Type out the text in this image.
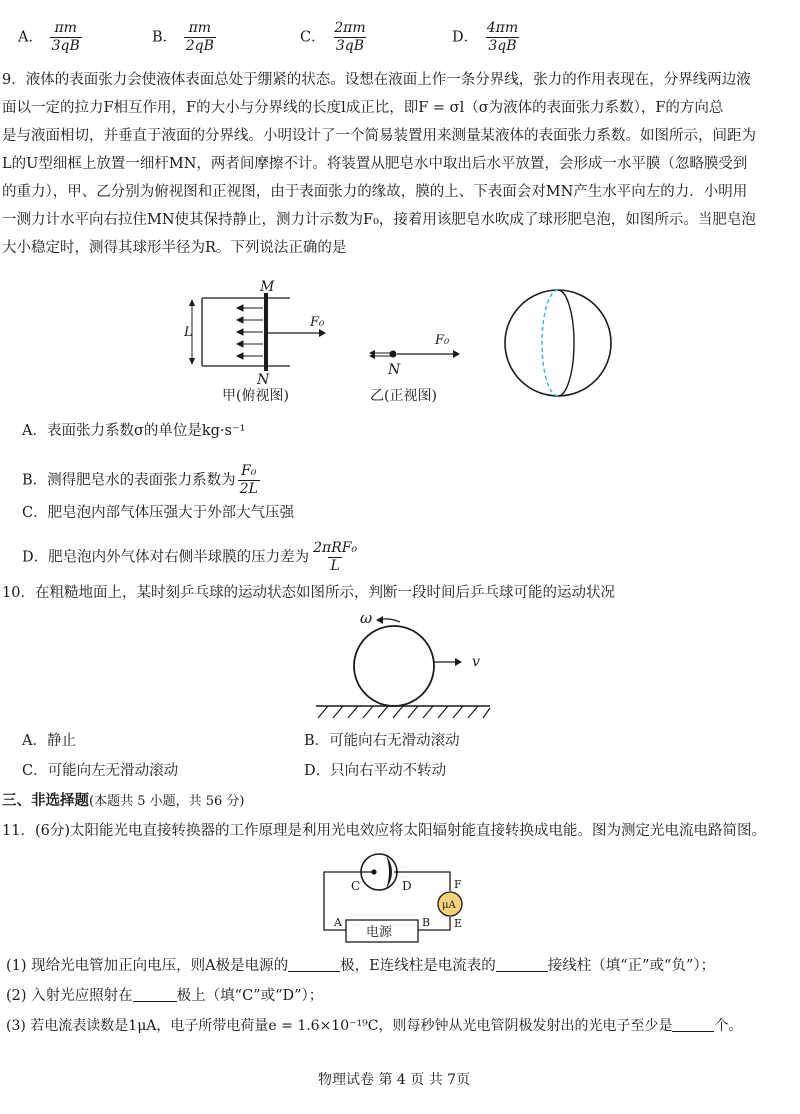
A． $\frac{\pi m}{3qB}$	B． $\frac{\pi m}{2qB}$	C． $\frac{2\pi m}{3qB}$	D． $\frac{4\pi m}{3qB}$
9．液体的表面张力会使液体表面总处于绷紧的状态。设想在液面上作一条分界线，张力的作用表现在，分界线两边液
面以一定的拉力F相互作用，F的大小与分界线的长度l成正比，即F = σl（σ为液体的表面张力系数），F的方向总
是与液面相切，并垂直于液面的分界线。小明设计了一个简易装置用来测量某液体的表面张力系数。如图所示，间距为
L的U型细框上放置一细杆MN，两者间摩擦不计。将装置从肥皂水中取出后水平放置，会形成一水平膜（忽略膜受到
的重力），甲、乙分别为俯视图和正视图，由于表面张力的缘故，膜的上、下表面会对MN产生水平向左的力．小明用
一测力计水平向右拉住MN使其保持静止，测力计示数为F₀，接着用该肥皂水吹成了球形肥皂泡，如图所示。当肥皂泡
大小稳定时，测得其球形半径为R。下列说法正确的是
L
M
N
F₀
甲(俯视图)
F₀
N
乙(正视图)
A．表面张力系数σ的单位是kg·s⁻¹
B．测得肥皂水的表面张力系数为 $\frac{\text{F₀}}{2L}$
C．肥皂泡内部气体压强大于外部大气压强
D．肥皂泡内外气体对右侧半球膜的压力差为 $\frac{\text{2πRF₀}}{L}$
10．在粗糙地面上，某时刻乒乓球的运动状态如图所示，判断一段时间后乒乓球可能的运动状况
ω
v
A．静止	B．可能向右无滑动滚动
C．可能向左无滑动滚动	D．只向右平动不转动
三、非选择题(本题共 5 小题，共 56 分)
11．(6分)太阳能光电直接转换器的工作原理是利用光电效应将太阳辐射能直接转换成电能。图为测定光电流电路简图。
C	D
μA
F
E
电源
A	B
(1) 现给光电管加正向电压，则A极是电源的	极，E连线柱是电流表的	接线柱（填“正”或“负”）；
(2) 入射光应照射在	极上（填“C”或“D”）；
(3) 若电流表读数是1μA，电子所带电荷量e = 1.6×10⁻¹⁹C，则每秒钟从光电管阴极发射出的光电子至少是	个。
物理试卷 第 4 页 共 7页
